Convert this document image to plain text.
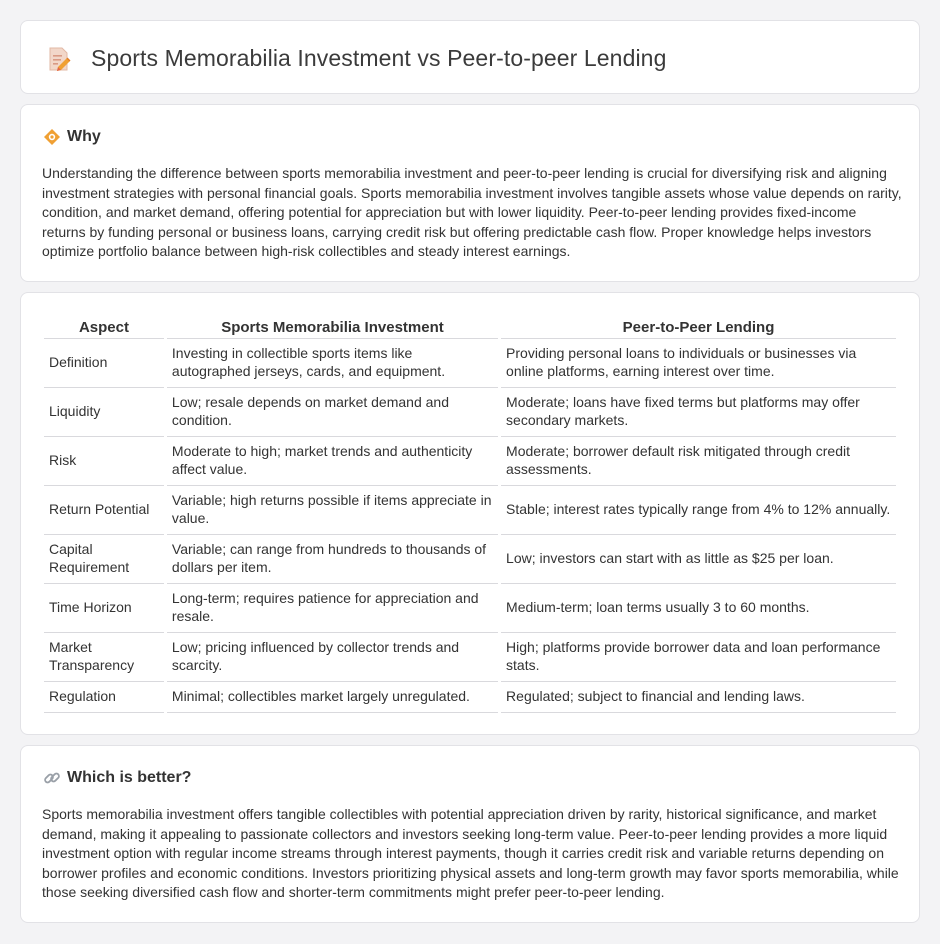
Sports Memorabilia Investment vs Peer-to-peer Lending
Why

Understanding the difference between sports memorabilia investment and peer-to-peer lending is crucial for diversifying risk and aligning investment strategies with personal financial goals. Sports memorabilia investment involves tangible assets whose value depends on rarity, condition, and market demand, offering potential for appreciation but with lower liquidity. Peer-to-peer lending provides fixed-income returns by funding personal or business loans, carrying credit risk but offering predictable cash flow. Proper knowledge helps investors optimize portfolio balance between high-risk collectibles and steady interest earnings.

Aspect	Sports Memorabilia Investment	Peer-to-Peer Lending
Definition	Investing in collectible sports items like autographed jerseys, cards, and equipment.	Providing personal loans to individuals or businesses via online platforms, earning interest over time.
Liquidity	Low; resale depends on market demand and condition.	Moderate; loans have fixed terms but platforms may offer secondary markets.
Risk	Moderate to high; market trends and authenticity affect value.	Moderate; borrower default risk mitigated through credit assessments.
Return Potential	Variable; high returns possible if items appreciate in value.	Stable; interest rates typically range from 4% to 12% annually.
Capital Requirement	Variable; can range from hundreds to thousands of dollars per item.	Low; investors can start with as little as $25 per loan.
Time Horizon	Long-term; requires patience for appreciation and resale.	Medium-term; loan terms usually 3 to 60 months.
Market Transparency	Low; pricing influenced by collector trends and scarcity.	High; platforms provide borrower data and loan performance stats.
Regulation	Minimal; collectibles market largely unregulated.	Regulated; subject to financial and lending laws.
Which is better?

Sports memorabilia investment offers tangible collectibles with potential appreciation driven by rarity, historical significance, and market demand, making it appealing to passionate collectors and investors seeking long-term value. Peer-to-peer lending provides a more liquid investment option with regular income streams through interest payments, though it carries credit risk and variable returns depending on borrower profiles and economic conditions. Investors prioritizing physical assets and long-term growth may favor sports memorabilia, while those seeking diversified cash flow and shorter-term commitments might prefer peer-to-peer lending.
